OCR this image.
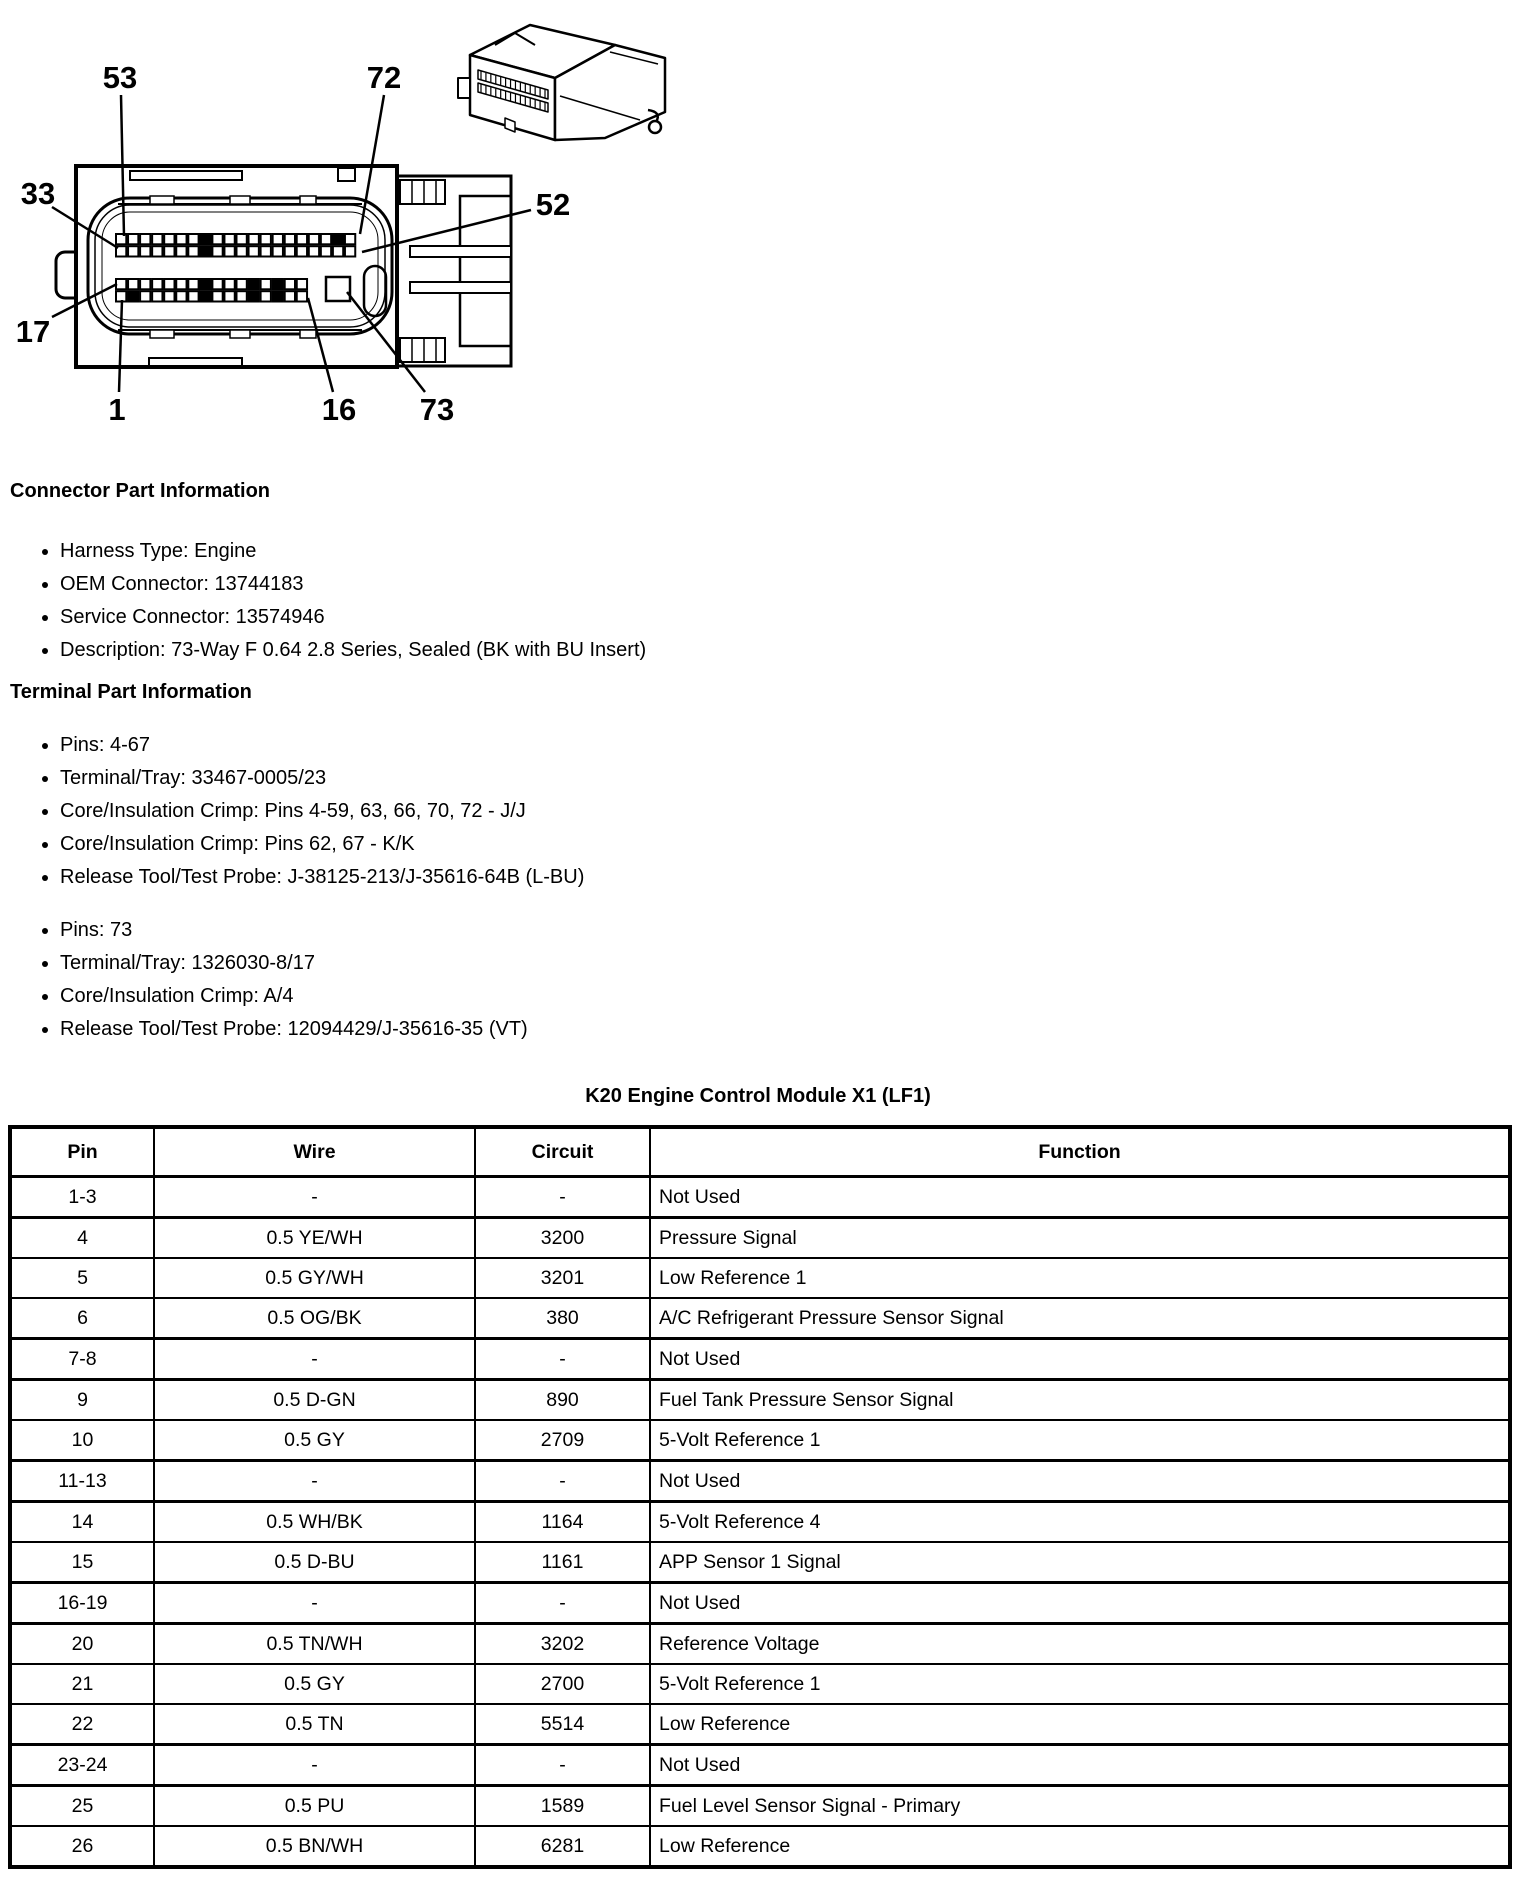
53	72
33	52
17
1	16 73
Connector Part Information
• Harness Type: Engine
• OEM Connector: 13744183
• Service Connector: 13574946
• Description: 73-Way F 0.64 2.8 Series, Sealed (BK with BU Insert)
Terminal Part Information
• Pins: 4-67
• Terminal/Tray: 33467-0005/23
• Core/Insulation Crimp: Pins 4-59, 63, 66, 70, 72 - J/J
• Core/Insulation Crimp: Pins 62, 67 - K/K
• Release Tool/Test Probe: J-38125-213/J-35616-64B (L-BU)
• Pins: 73
• Terminal/Tray: 1326030-8/17
• Core/Insulation Crimp: A/4
• Release Tool/Test Probe: 12094429/J-35616-35 (VT)
K20 Engine Control Module X1 (LF1)
Pin	Wire	Circuit	Function
1-3	-	-	Not Used
4	0.5 YE/WH	3200	Pressure Signal
5	0.5 GY/WH	3201	Low Reference 1
6	0.5 OG/BK	380	A/C Refrigerant Pressure Sensor Signal
7-8	-	-	Not Used
9	0.5 D-GN	890	Fuel Tank Pressure Sensor Signal
10	0.5 GY	2709	5-Volt Reference 1
11-13	-	-	Not Used
14	0.5 WH/BK	1164	5-Volt Reference 4
15	0.5 D-BU	1161	APP Sensor 1 Signal
16-19	-	-	Not Used
20	0.5 TN/WH	3202	Reference Voltage
21	0.5 GY	2700	5-Volt Reference 1
22	0.5 TN	5514	Low Reference
23-24	-	-	Not Used
25	0.5 PU	1589	Fuel Level Sensor Signal - Primary
26	0.5 BN/WH	6281	Low Reference
